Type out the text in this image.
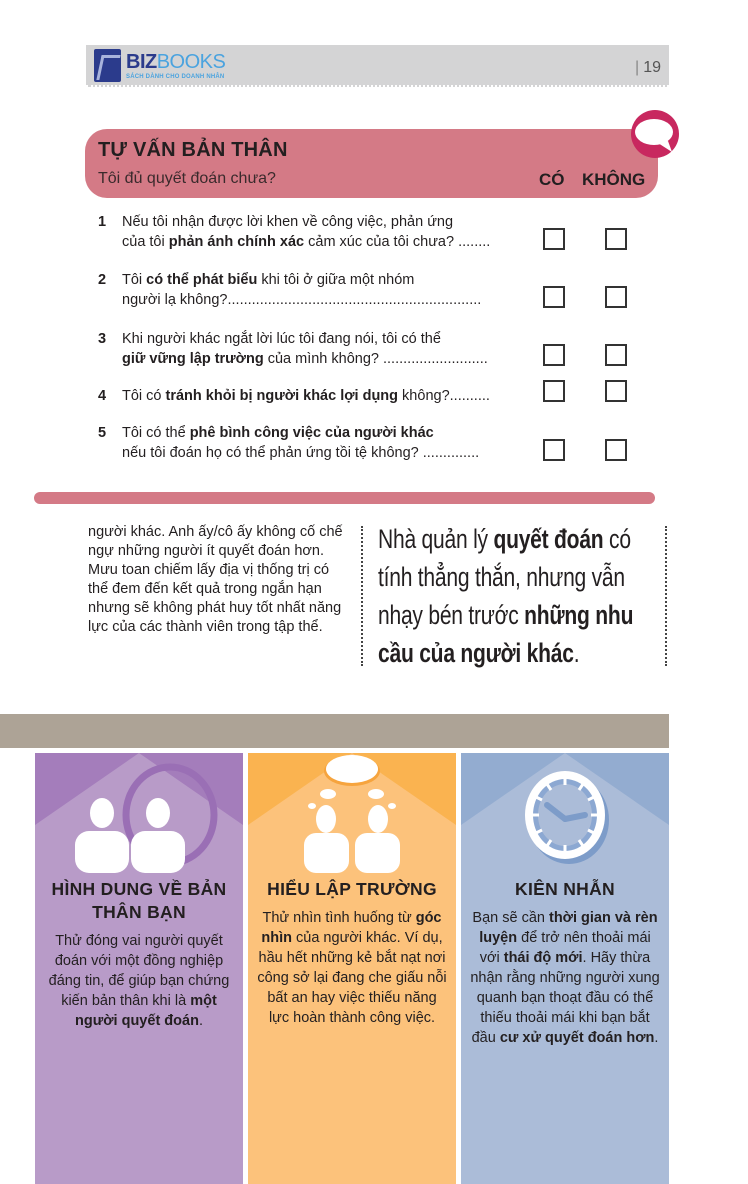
BIZBOOKS
SÁCH DÀNH CHO DOANH NHÂN
| 19
TỰ VẤN BẢN THÂN
Tôi đủ quyết đoán chưa?	CÓ KHÔNG
1 Nếu tôi nhận được lời khen về công việc, phản ứng
của tôi phản ánh chính xác cảm xúc của tôi chưa? ........
2 Tôi có thể phát biểu khi tôi ở giữa một nhóm
người lạ không?...............................................................
3 Khi người khác ngắt lời lúc tôi đang nói, tôi có thể
giữ vững lập trường của mình không? ..........................
4 Tôi có tránh khỏi bị người khác lợi dụng không?..........
5 Tôi có thể phê bình công việc của người khác
nếu tôi đoán họ có thể phản ứng tồi tệ không? ..............
người khác. Anh ấy/cô ấy không cố chế ngự những người ít quyết đoán hơn. Mưu toan chiếm lấy địa vị thống trị có thể đem đến kết quả trong ngắn hạn nhưng sẽ không phát huy tốt nhất năng lực của các thành viên trong tập thể.
Nhà quản lý quyết đoán có tính thẳng thắn, nhưng vẫn nhạy bén trước những nhu cầu của người khác.
HÌNH DUNG VỀ BẢN THÂN BẠN
Thử đóng vai người quyết đoán với một đồng nghiệp đáng tin, để giúp bạn chứng kiến bản thân khi là một người quyết đoán.
HIỂU LẬP TRƯỜNG
Thử nhìn tình huống từ góc nhìn của người khác. Ví dụ, hầu hết những kẻ bắt nạt nơi công sở lại đang che giấu nỗi bất an hay việc thiếu năng lực hoàn thành công việc.
KIÊN NHẪN
Bạn sẽ cần thời gian và rèn luyện để trở nên thoải mái với thái độ mới. Hãy thừa nhận rằng những người xung quanh bạn thoạt đầu có thể thiếu thoải mái khi bạn bắt đầu cư xử quyết đoán hơn.
